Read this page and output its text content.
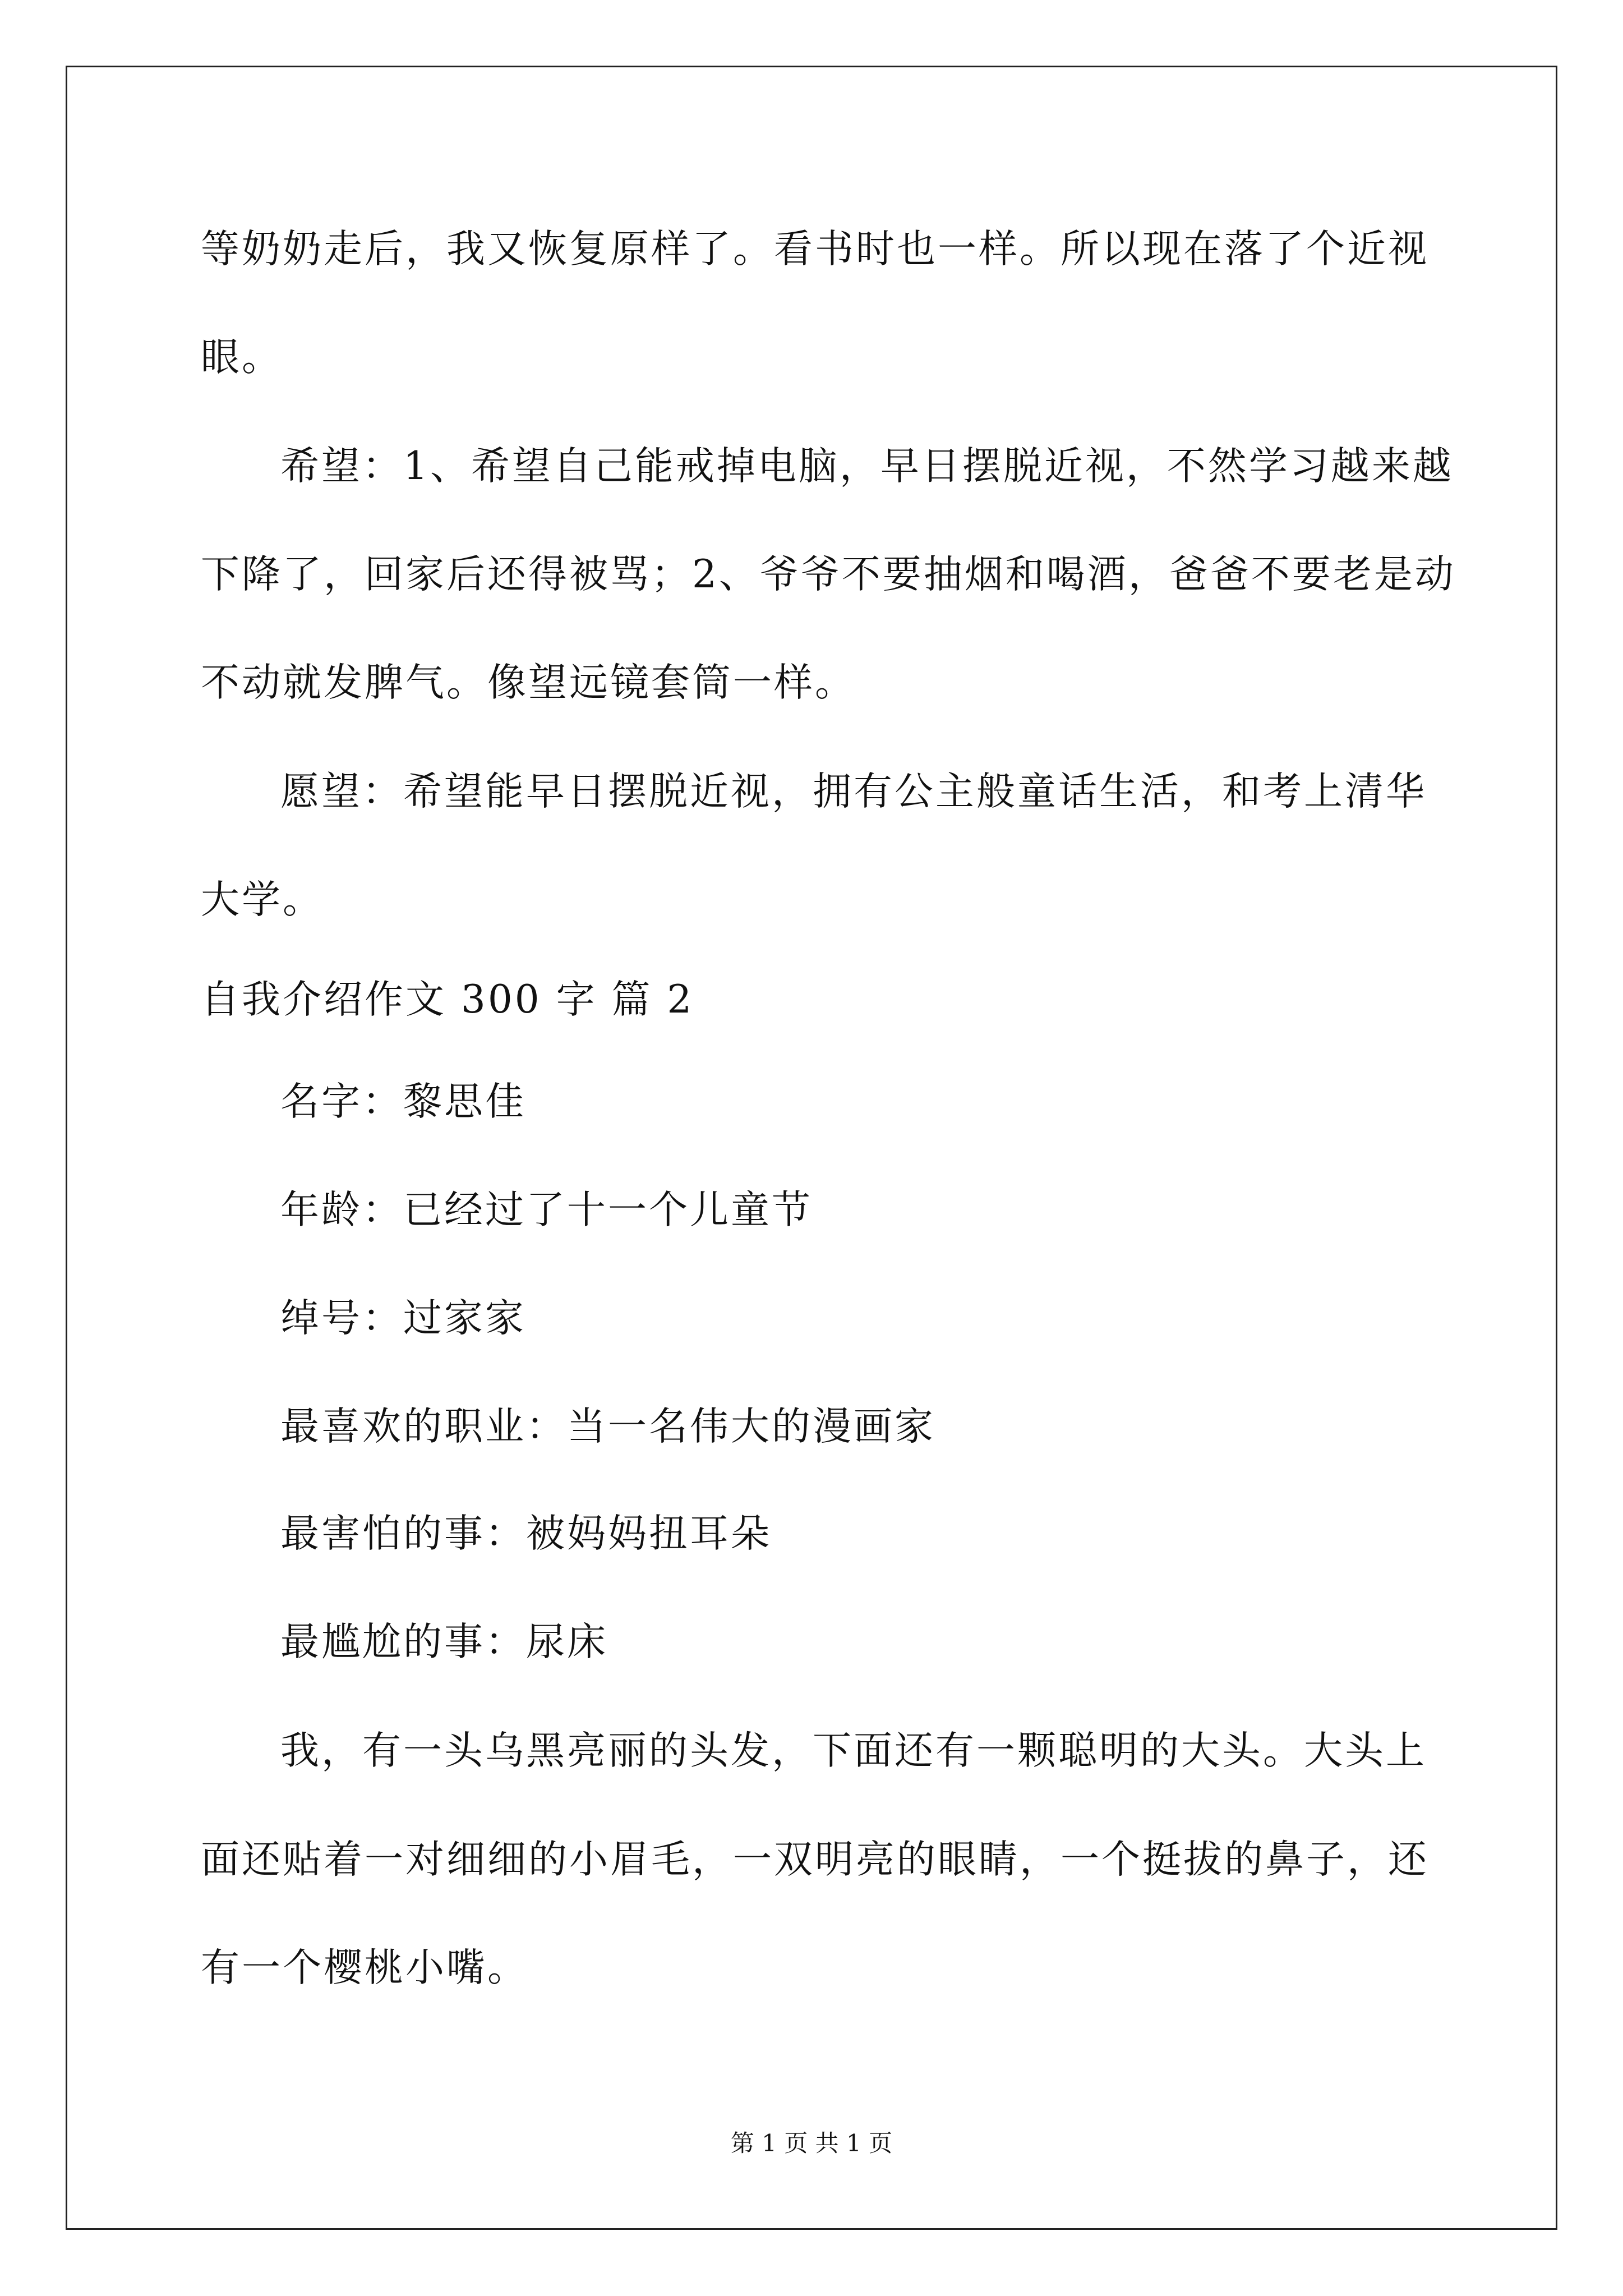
等奶奶走后，我又恢复原样了。看书时也一样。所以现在落了个近视

眼。

希望：1、希望自己能戒掉电脑，早日摆脱近视，不然学习越来越

下降了，回家后还得被骂；2、爷爷不要抽烟和喝酒，爸爸不要老是动

不动就发脾气。像望远镜套筒一样。

愿望：希望能早日摆脱近视，拥有公主般童话生活，和考上清华

大学。

自我介绍作文 300 字 篇 2

名字：黎思佳

年龄：已经过了十一个儿童节

绰号：过家家

最喜欢的职业：当一名伟大的漫画家

最害怕的事：被妈妈扭耳朵

最尴尬的事：尿床

我，有一头乌黑亮丽的头发，下面还有一颗聪明的大头。大头上

面还贴着一对细细的小眉毛，一双明亮的眼睛，一个挺拔的鼻子，还

有一个樱桃小嘴。

第 1 页 共 1 页
